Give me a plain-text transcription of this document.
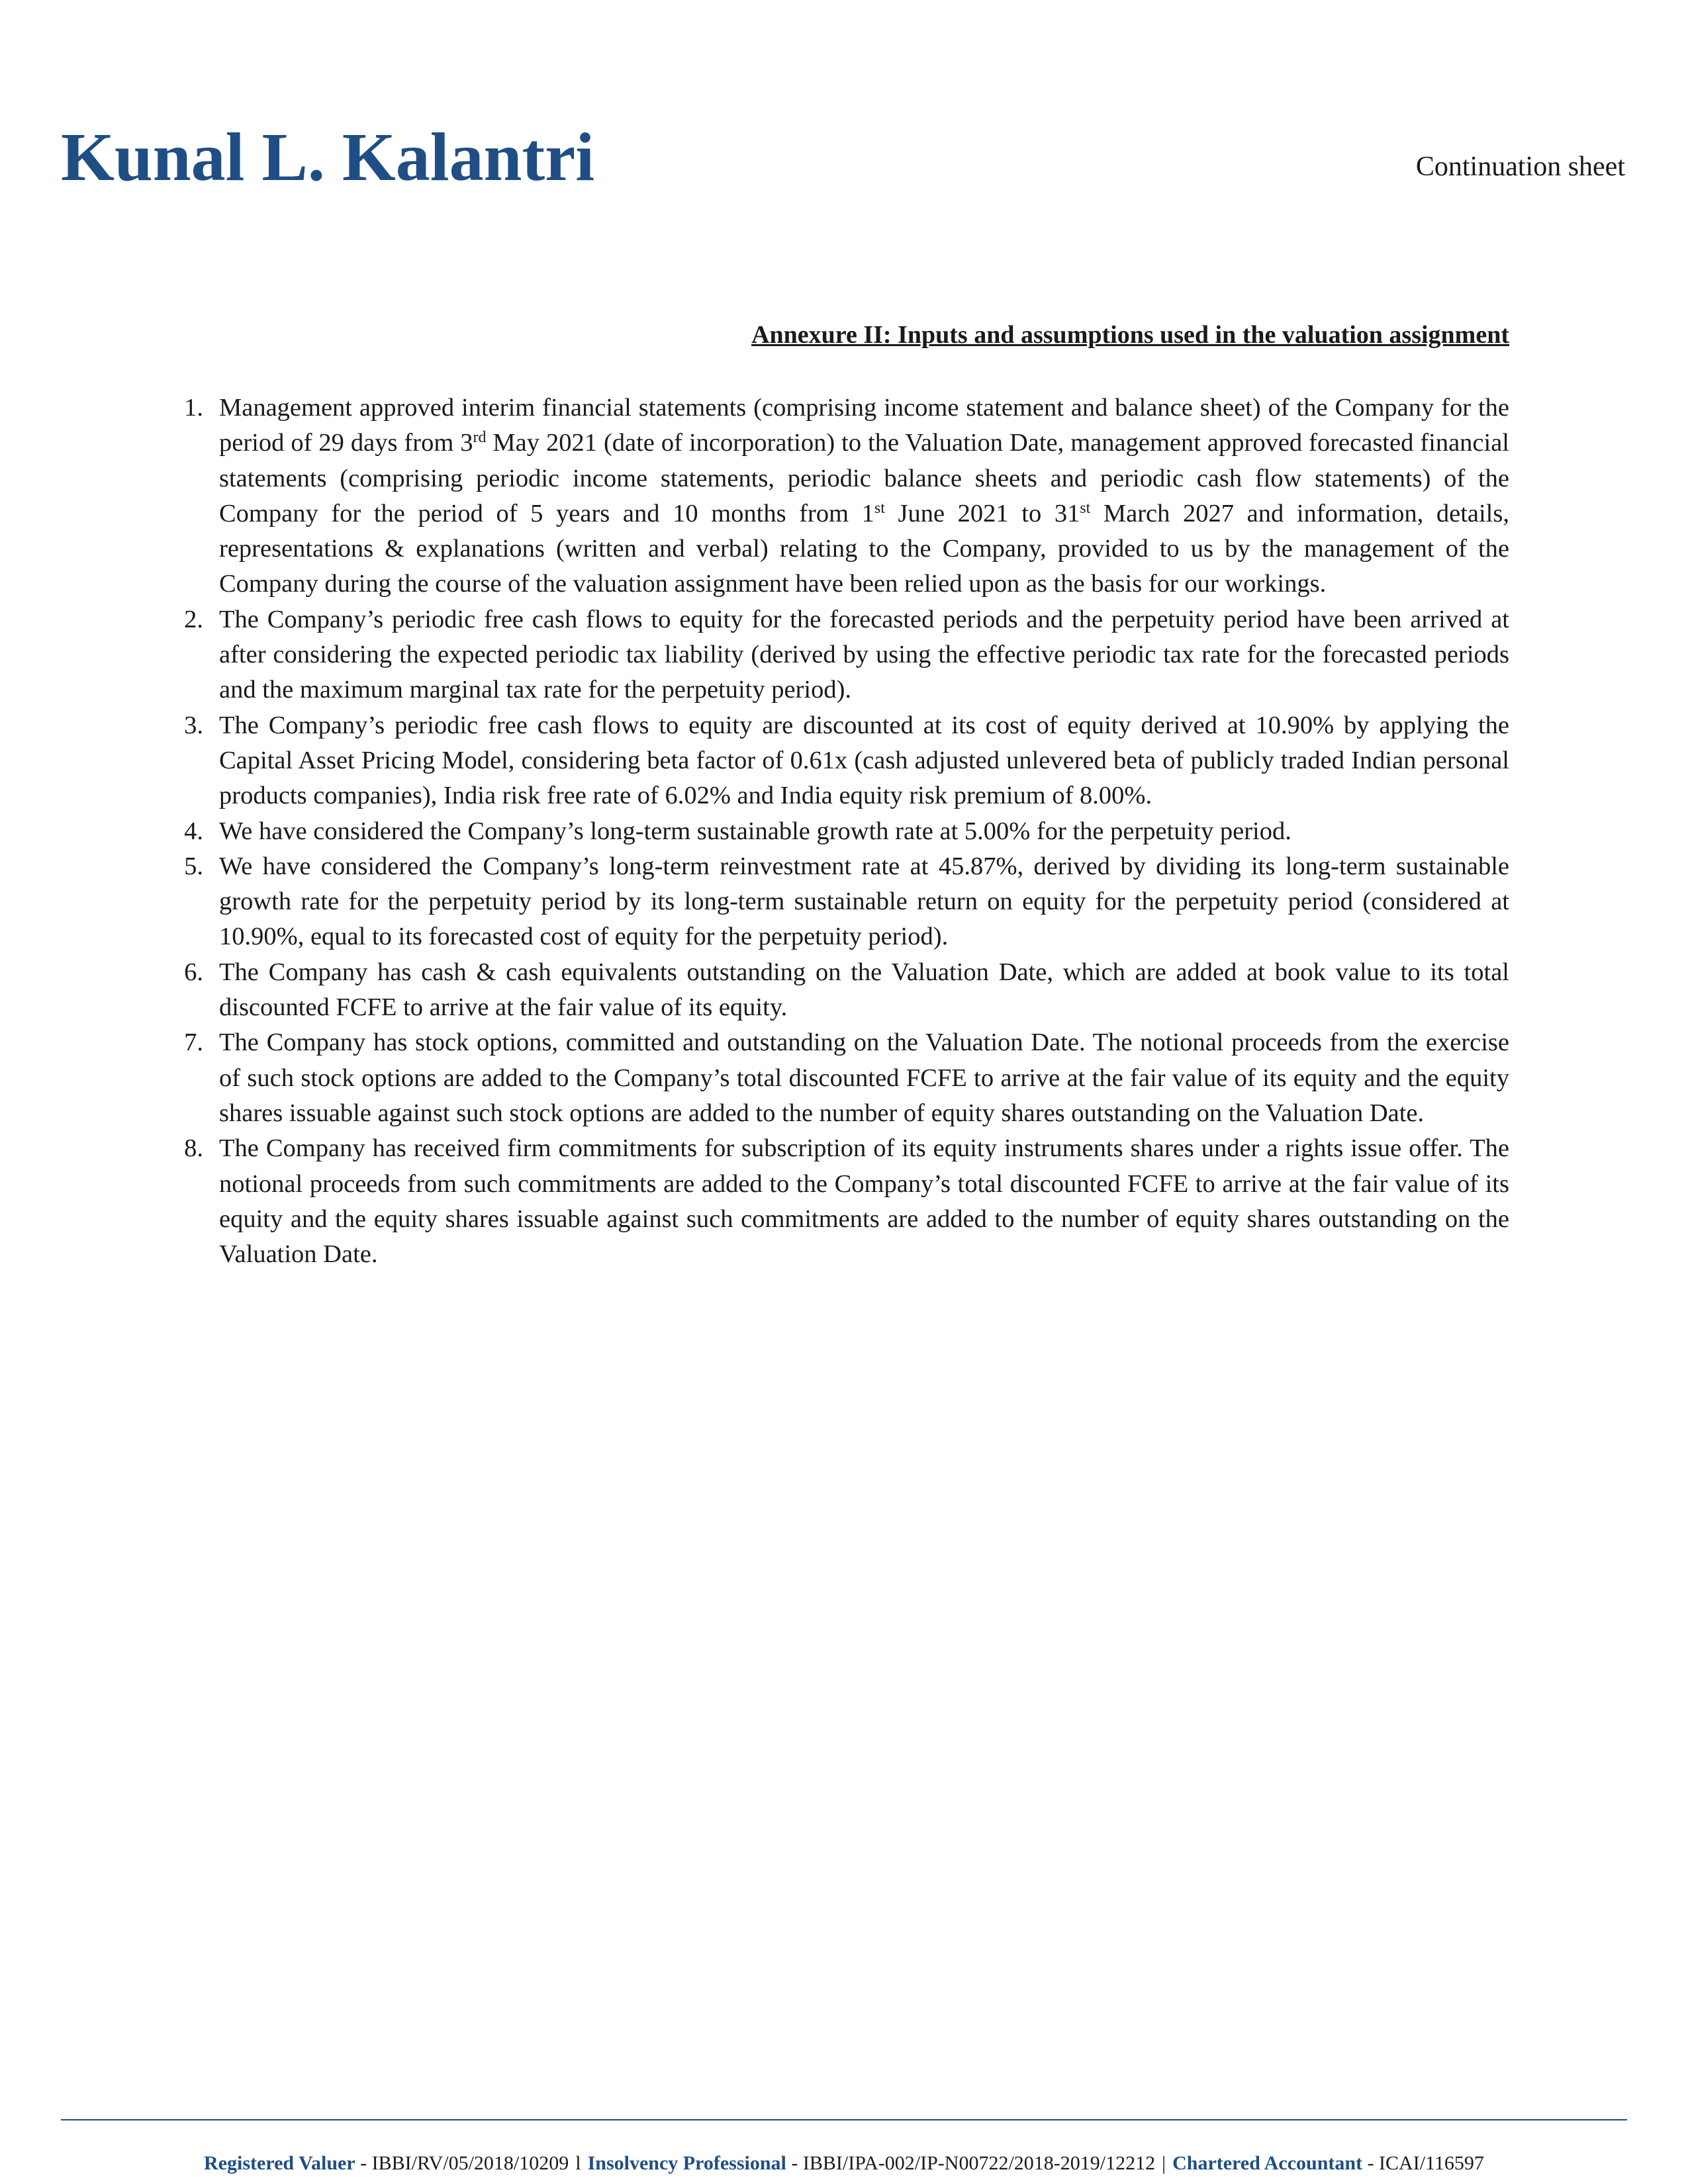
Kunal L. Kalantri	Continuation sheet
Annexure II: Inputs and assumptions used in the valuation assignment
1. Management approved interim financial statements (comprising income statement and balance sheet) of the Company for the period of 29 days from 3rd May 2021 (date of incorporation) to the Valuation Date, management approved forecasted financial statements (comprising periodic income statements, periodic balance sheets and periodic cash flow statements) of the Company for the period of 5 years and 10 months from 1st June 2021 to 31st March 2027 and information, details, representations & explanations (written and verbal) relating to the Company, provided to us by the management of the Company during the course of the valuation assignment have been relied upon as the basis for our workings.
2. The Company’s periodic free cash flows to equity for the forecasted periods and the perpetuity period have been arrived at after considering the expected periodic tax liability (derived by using the effective periodic tax rate for the forecasted periods and the maximum marginal tax rate for the perpetuity period).
3. The Company’s periodic free cash flows to equity are discounted at its cost of equity derived at 10.90% by applying the Capital Asset Pricing Model, considering beta factor of 0.61x (cash adjusted unlevered beta of publicly traded Indian personal products companies), India risk free rate of 6.02% and India equity risk premium of 8.00%.
4. We have considered the Company’s long-term sustainable growth rate at 5.00% for the perpetuity period.
5. We have considered the Company’s long-term reinvestment rate at 45.87%, derived by dividing its long-term sustainable growth rate for the perpetuity period by its long-term sustainable return on equity for the perpetuity period (considered at 10.90%, equal to its forecasted cost of equity for the perpetuity period).
6. The Company has cash & cash equivalents outstanding on the Valuation Date, which are added at book value to its total discounted FCFE to arrive at the fair value of its equity.
7. The Company has stock options, committed and outstanding on the Valuation Date. The notional proceeds from the exercise of such stock options are added to the Company’s total discounted FCFE to arrive at the fair value of its equity and the equity shares issuable against such stock options are added to the number of equity shares outstanding on the Valuation Date.
8. The Company has received firm commitments for subscription of its equity instruments shares under a rights issue offer. The notional proceeds from such commitments are added to the Company’s total discounted FCFE to arrive at the fair value of its equity and the equity shares issuable against such commitments are added to the number of equity shares outstanding on the Valuation Date.
Registered Valuer - IBBI/RV/05/2018/10209 l Insolvency Professional - IBBI/IPA-002/IP-N00722/2018-2019/12212 | Chartered Accountant - ICAI/116597
